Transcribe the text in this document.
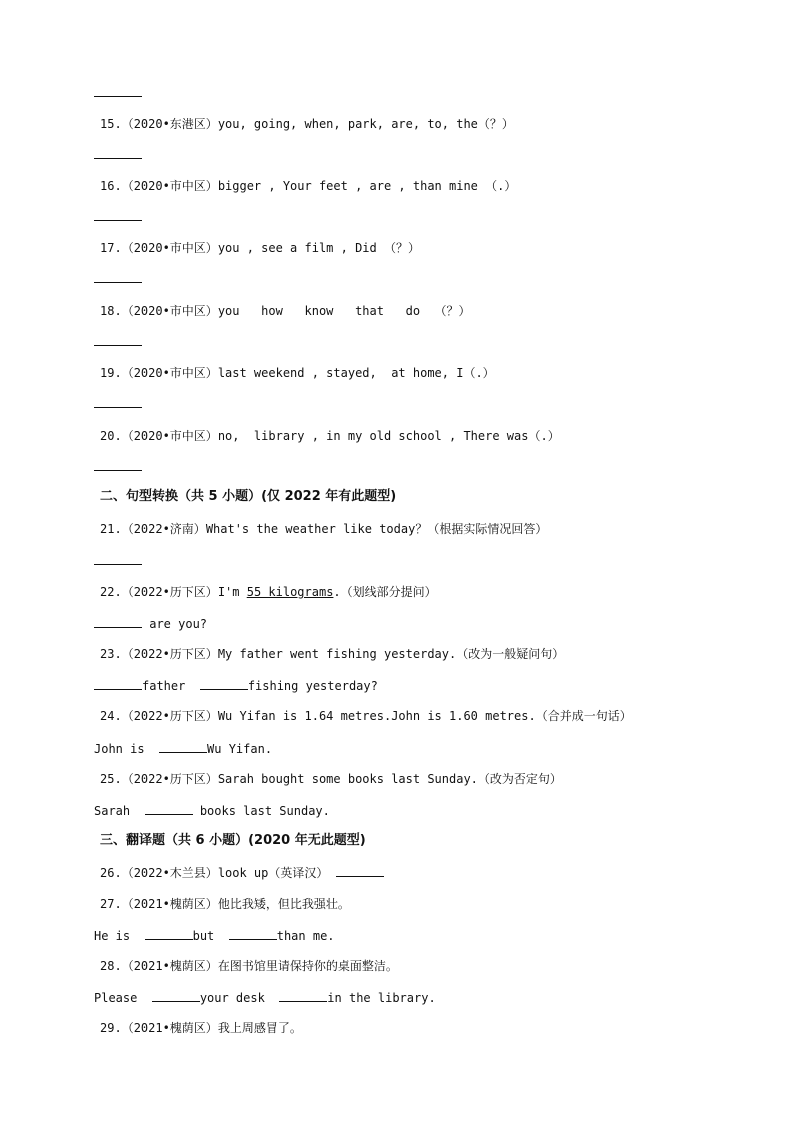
15.（2020•东港区）you, going, when, park, are, to, the（？）
16.（2020•市中区）bigger , Your feet , are , than mine （.）
17.（2020•市中区）you , see a film , Did （？）
18.（2020•市中区）you   how   know   that   do  （？）
19.（2020•市中区）last weekend , stayed,  at home, I（.）
20.（2020•市中区）no,  library , in my old school , There was（.）
二、句型转换（共 5 小题）(仅 2022 年有此题型)
21.（2022•济南）What's the weather like today？（根据实际情况回答）
22.（2022•历下区）I'm 55 kilograms.（划线部分提问）
are you?
23.（2022•历下区）My father went fishing yesterday.（改为一般疑问句）
father	fishing yesterday?
24.（2022•历下区）Wu Yifan is 1.64 metres.John is 1.60 metres.（合并成一句话）
John is	Wu Yifan.
25.（2022•历下区）Sarah bought some books last Sunday.（改为否定句）
Sarah	books last Sunday.
三、翻译题（共 6 小题）(2020 年无此题型)
26.（2022•木兰县）look up（英译汉）
27.（2021•槐荫区）他比我矮，但比我强壮。
He is	but	than me.
28.（2021•槐荫区）在图书馆里请保持你的桌面整洁。
Please	your desk	in the library.
29.（2021•槐荫区）我上周感冒了。
